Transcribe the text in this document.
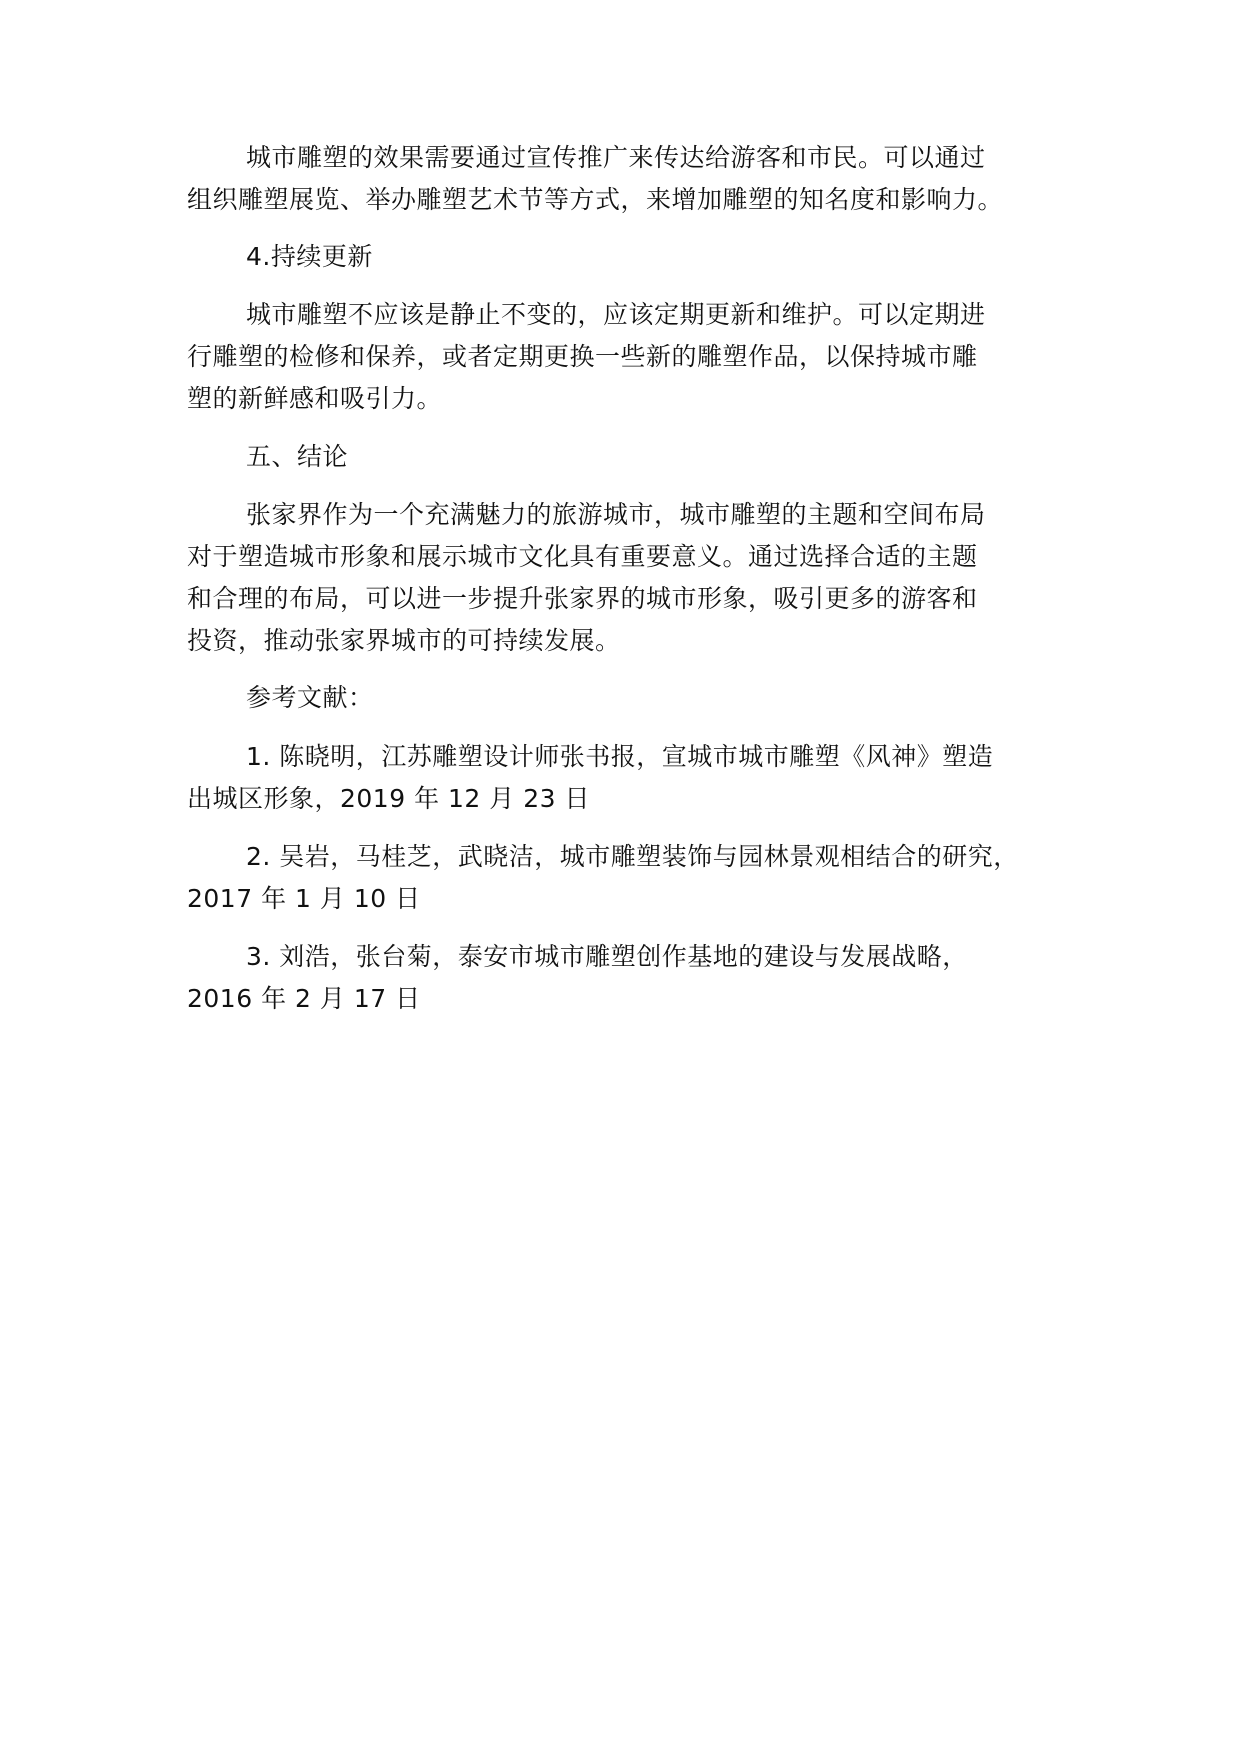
城市雕塑的效果需要通过宣传推广来传达给游客和市民。可以通过
组织雕塑展览、举办雕塑艺术节等方式，来增加雕塑的知名度和影响力。
4.持续更新
城市雕塑不应该是静止不变的，应该定期更新和维护。可以定期进
行雕塑的检修和保养，或者定期更换一些新的雕塑作品，以保持城市雕
塑的新鲜感和吸引力。
五、结论
张家界作为一个充满魅力的旅游城市，城市雕塑的主题和空间布局
对于塑造城市形象和展示城市文化具有重要意义。通过选择合适的主题
和合理的布局，可以进一步提升张家界的城市形象，吸引更多的游客和
投资，推动张家界城市的可持续发展。
参考文献：
1. 陈晓明，江苏雕塑设计师张书报，宣城市城市雕塑《风神》塑造
出城区形象，2019 年 12 月 23 日
2. 吴岩，马桂芝，武晓洁，城市雕塑装饰与园林景观相结合的研究，
2017 年 1 月 10 日
3. 刘浩，张台菊，泰安市城市雕塑创作基地的建设与发展战略，
2016 年 2 月 17 日
